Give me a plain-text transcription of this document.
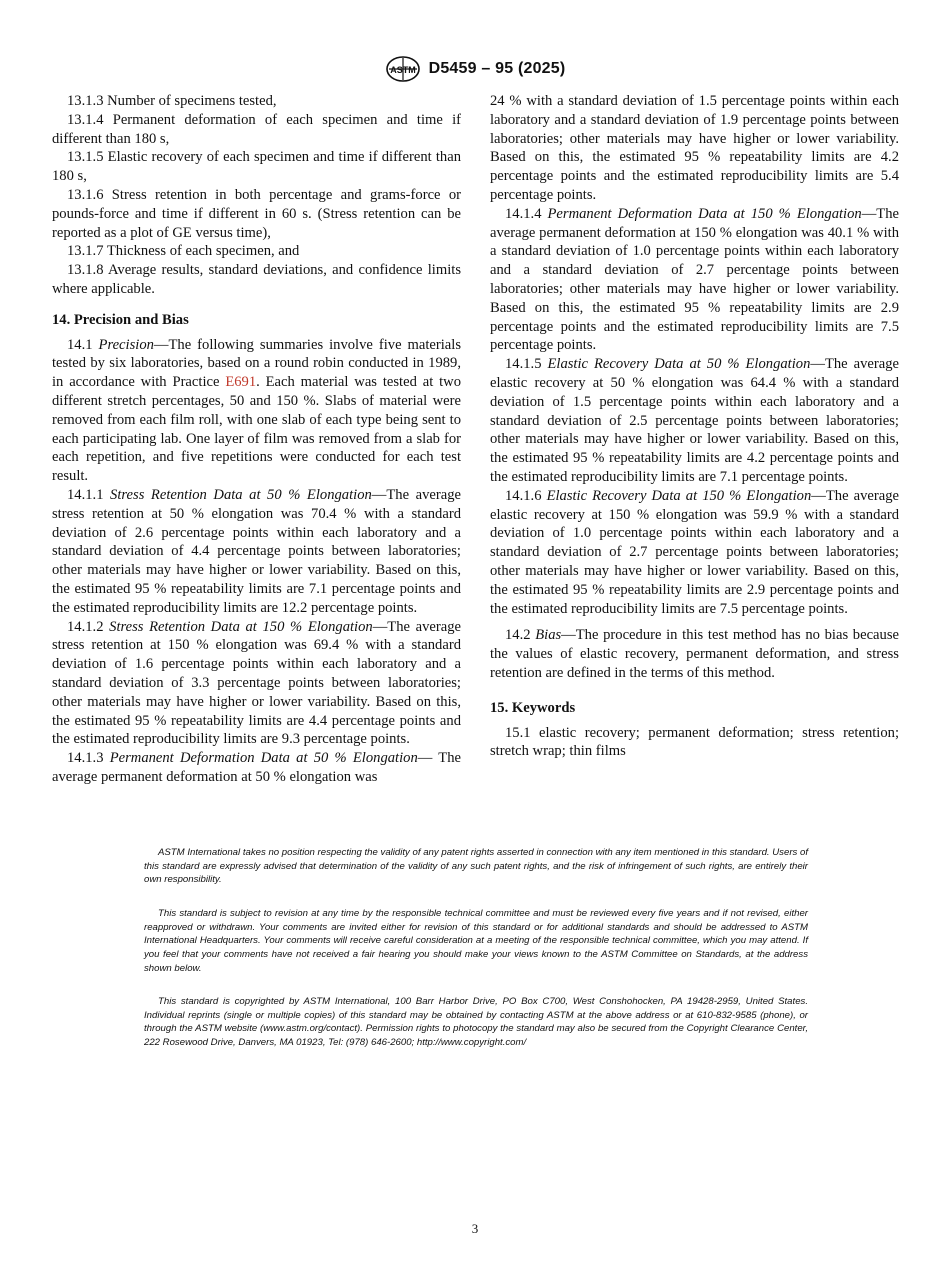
ASTM D5459 – 95 (2025)

13.1.3 Number of specimens tested,

13.1.4 Permanent deformation of each specimen and time if different than 180 s,

13.1.5 Elastic recovery of each specimen and time if different than 180 s,

13.1.6 Stress retention in both percentage and grams-force or pounds-force and time if different in 60 s. (Stress retention can be reported as a plot of GE versus time),

13.1.7 Thickness of each specimen, and

13.1.8 Average results, standard deviations, and confidence limits where applicable.

14. Precision and Bias

14.1 Precision—The following summaries involve five materials tested by six laboratories, based on a round robin conducted in 1989, in accordance with Practice E691. Each material was tested at two different stretch percentages, 50 and 150 %. Slabs of material were removed from each film roll, with one slab of each type being sent to each participating lab. One layer of film was removed from a slab for each repetition, and five repetitions were conducted for each test result.

14.1.1 Stress Retention Data at 50 % Elongation—The average stress retention at 50 % elongation was 70.4 % with a standard deviation of 2.6 percentage points within each laboratory and a standard deviation of 4.4 percentage points between laboratories; other materials may have higher or lower variability. Based on this, the estimated 95 % repeatability limits are 7.1 percentage points and the estimated reproducibility limits are 12.2 percentage points.

14.1.2 Stress Retention Data at 150 % Elongation—The average stress retention at 150 % elongation was 69.4 % with a standard deviation of 1.6 percentage points within each laboratory and a standard deviation of 3.3 percentage points between laboratories; other materials may have higher or lower variability. Based on this, the estimated 95 % repeatability limits are 4.4 percentage points and the estimated reproducibility limits are 9.3 percentage points.

14.1.3 Permanent Deformation Data at 50 % Elongation— The average permanent deformation at 50 % elongation was

24 % with a standard deviation of 1.5 percentage points within each laboratory and a standard deviation of 1.9 percentage points between laboratories; other materials may have higher or lower variability. Based on this, the estimated 95 % repeatability limits are 4.2 percentage points and the estimated reproducibility limits are 5.4 percentage points.

14.1.4 Permanent Deformation Data at 150 % Elongation—The average permanent deformation at 150 % elongation was 40.1 % with a standard deviation of 1.0 percentage points within each laboratory and a standard deviation of 2.7 percentage points between laboratories; other materials may have higher or lower variability. Based on this, the estimated 95 % repeatability limits are 2.9 percentage points and the estimated reproducibility limits are 7.5 percentage points.

14.1.5 Elastic Recovery Data at 50 % Elongation—The average elastic recovery at 50 % elongation was 64.4 % with a standard deviation of 1.5 percentage points within each laboratory and a standard deviation of 2.5 percentage points between laboratories; other materials may have higher or lower variability. Based on this, the estimated 95 % repeatability limits are 4.2 percentage points and the estimated reproducibility limits are 7.1 percentage points.

14.1.6 Elastic Recovery Data at 150 % Elongation—The average elastic recovery at 150 % elongation was 59.9 % with a standard deviation of 1.0 percentage points within each laboratory and a standard deviation of 2.7 percentage points between laboratories; other materials may have higher or lower variability. Based on this, the estimated 95 % repeatability limits are 2.9 percentage points and the estimated reproducibility limits are 7.5 percentage points.

14.2 Bias—The procedure in this test method has no bias because the values of elastic recovery, permanent deformation, and stress retention are defined in the terms of this method.

15. Keywords

15.1 elastic recovery; permanent deformation; stress retention; stretch wrap; thin films

ASTM International takes no position respecting the validity of any patent rights asserted in connection with any item mentioned in this standard. Users of this standard are expressly advised that determination of the validity of any such patent rights, and the risk of infringement of such rights, are entirely their own responsibility.

This standard is subject to revision at any time by the responsible technical committee and must be reviewed every five years and if not revised, either reapproved or withdrawn. Your comments are invited either for revision of this standard or for additional standards and should be addressed to ASTM International Headquarters. Your comments will receive careful consideration at a meeting of the responsible technical committee, which you may attend. If you feel that your comments have not received a fair hearing you should make your views known to the ASTM Committee on Standards, at the address shown below.

This standard is copyrighted by ASTM International, 100 Barr Harbor Drive, PO Box C700, West Conshohocken, PA 19428-2959, United States. Individual reprints (single or multiple copies) of this standard may be obtained by contacting ASTM at the above address or at 610-832-9585 (phone), or through the ASTM website (www.astm.org/contact). Permission rights to photocopy the standard may also be secured from the Copyright Clearance Center, 222 Rosewood Drive, Danvers, MA 01923, Tel: (978) 646-2600; http://www.copyright.com/

3
